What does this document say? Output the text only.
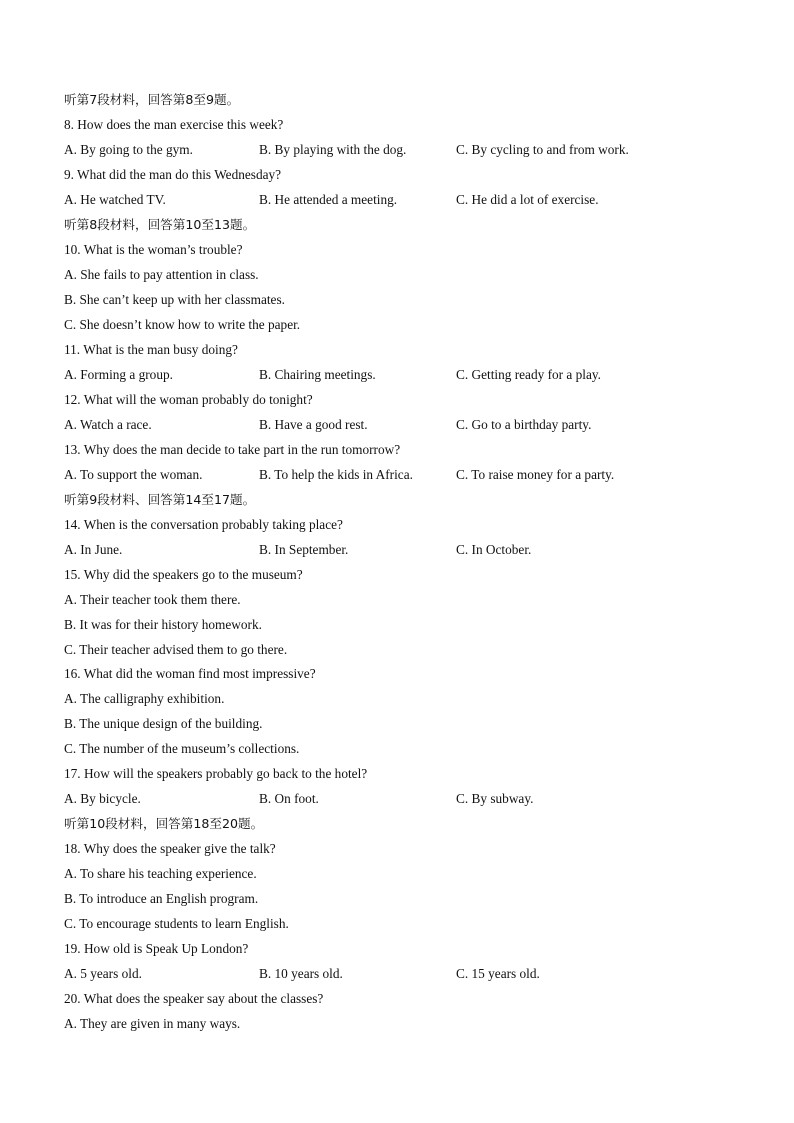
听第7段材料，回答第8至9题。
8. How does the man exercise this week?
A. By going to the gym.	B. By playing with the dog.	C. By cycling to and from work.
9. What did the man do this Wednesday?
A. He watched TV.	B. He attended a meeting.	C. He did a lot of exercise.
听第8段材料，回答第10至13题。
10. What is the woman’s trouble?
A. She fails to pay attention in class.
B. She can’t keep up with her classmates.
C. She doesn’t know how to write the paper.
11. What is the man busy doing?
A. Forming a group.	B. Chairing meetings.	C. Getting ready for a play.
12. What will the woman probably do tonight?
A. Watch a race.	B. Have a good rest.	C. Go to a birthday party.
13. Why does the man decide to take part in the run tomorrow?
A. To support the woman.	B. To help the kids in Africa.	C. To raise money for a party.
听第9段材料、回答第14至17题。
14. When is the conversation probably taking place?
A. In June.	B. In September.	C. In October.
15. Why did the speakers go to the museum?
A. Their teacher took them there.
B. It was for their history homework.
C. Their teacher advised them to go there.
16. What did the woman find most impressive?
A. The calligraphy exhibition.
B. The unique design of the building.
C. The number of the museum’s collections.
17. How will the speakers probably go back to the hotel?
A. By bicycle.	B. On foot.	C. By subway.
听第10段材料，回答第18至20题。
18. Why does the speaker give the talk?
A. To share his teaching experience.
B. To introduce an English program.
C. To encourage students to learn English.
19. How old is Speak Up London?
A. 5 years old.	B. 10 years old.	C. 15 years old.
20. What does the speaker say about the classes?
A. They are given in many ways.
